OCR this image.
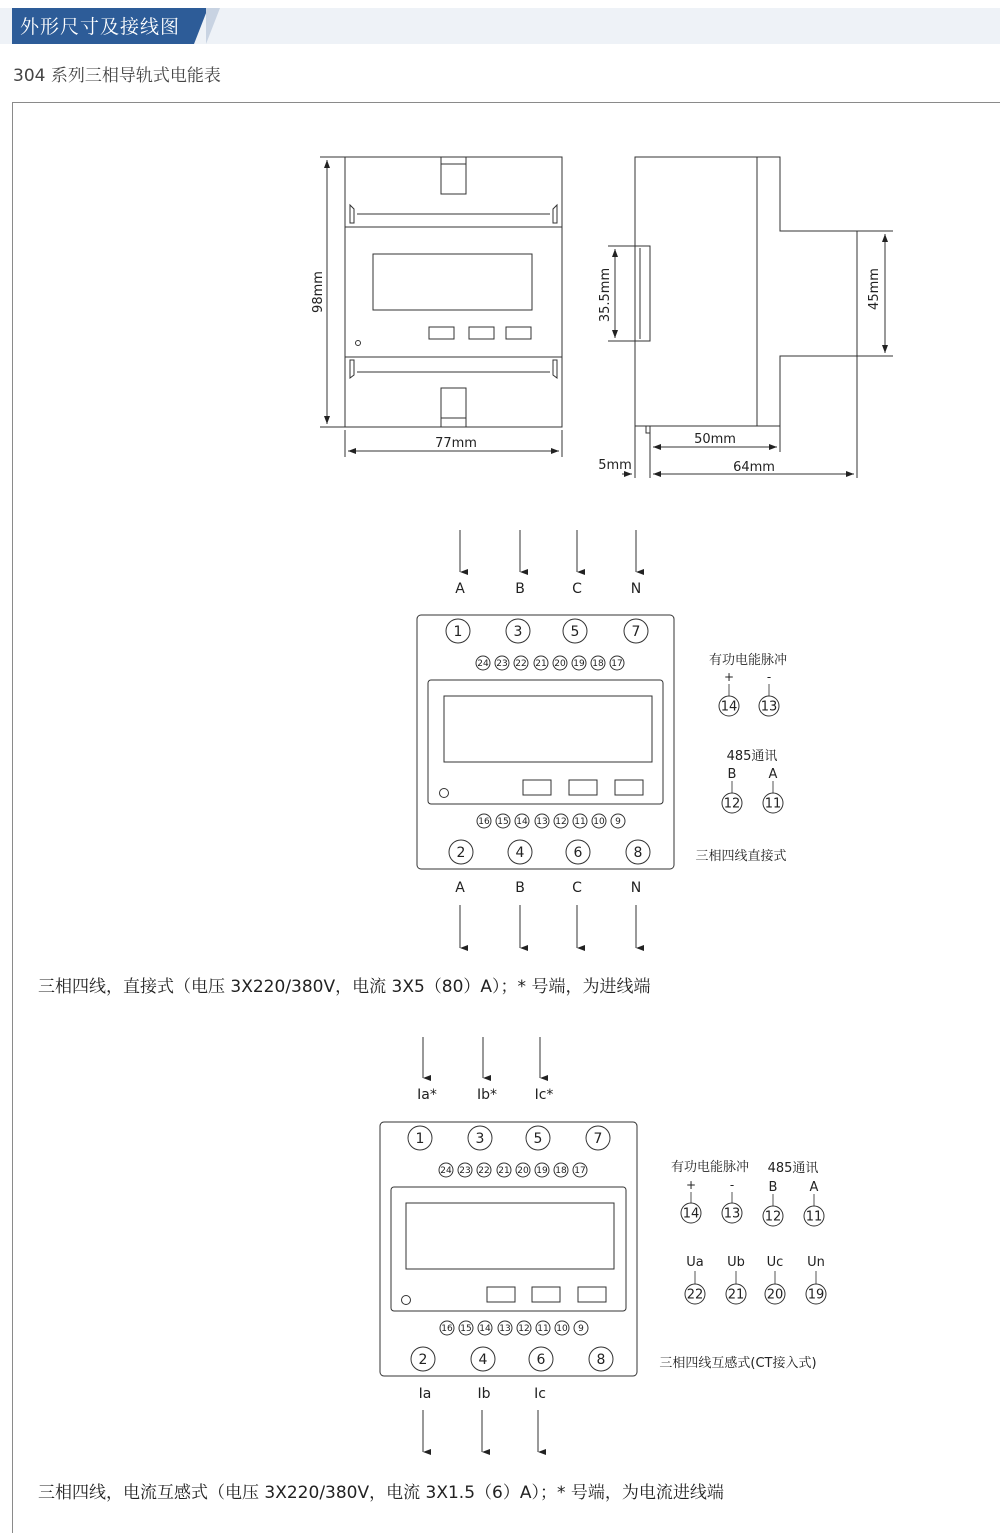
外形尺寸及接线图
304 系列三相导轨式电能表
98mm
77mm
35.5mm	45mm
50mm
64mm
5mm
A	B	C	N
1	3	5	7
24 23 22 21 20 19 18 17
16 15 14 13 12 11 10 9
2	4	6	8
A	B	C	N
+	-
14 13
B A
12 11
有功电能脉冲
485通讯
三相四线直接式
Ia*	Ib*	Ic*
1	3	5	7
24 23 22 21 20 19 18 17
16 15 14 13 12 11 10 9
2	4	6	8
Ia	Ib	Ic
+	-
14 13
B A
12 11
Ua Ub Uc Un
22 21 20 19
有功电能脉冲 485通讯
三相四线互感式(CT接入式)
三相四线，直接式（电压 3X220/380V，电流 3X5（80）A）；* 号端，为进线端
三相四线，电流互感式（电压 3X220/380V，电流 3X1.5（6）A）；* 号端，为电流进线端
